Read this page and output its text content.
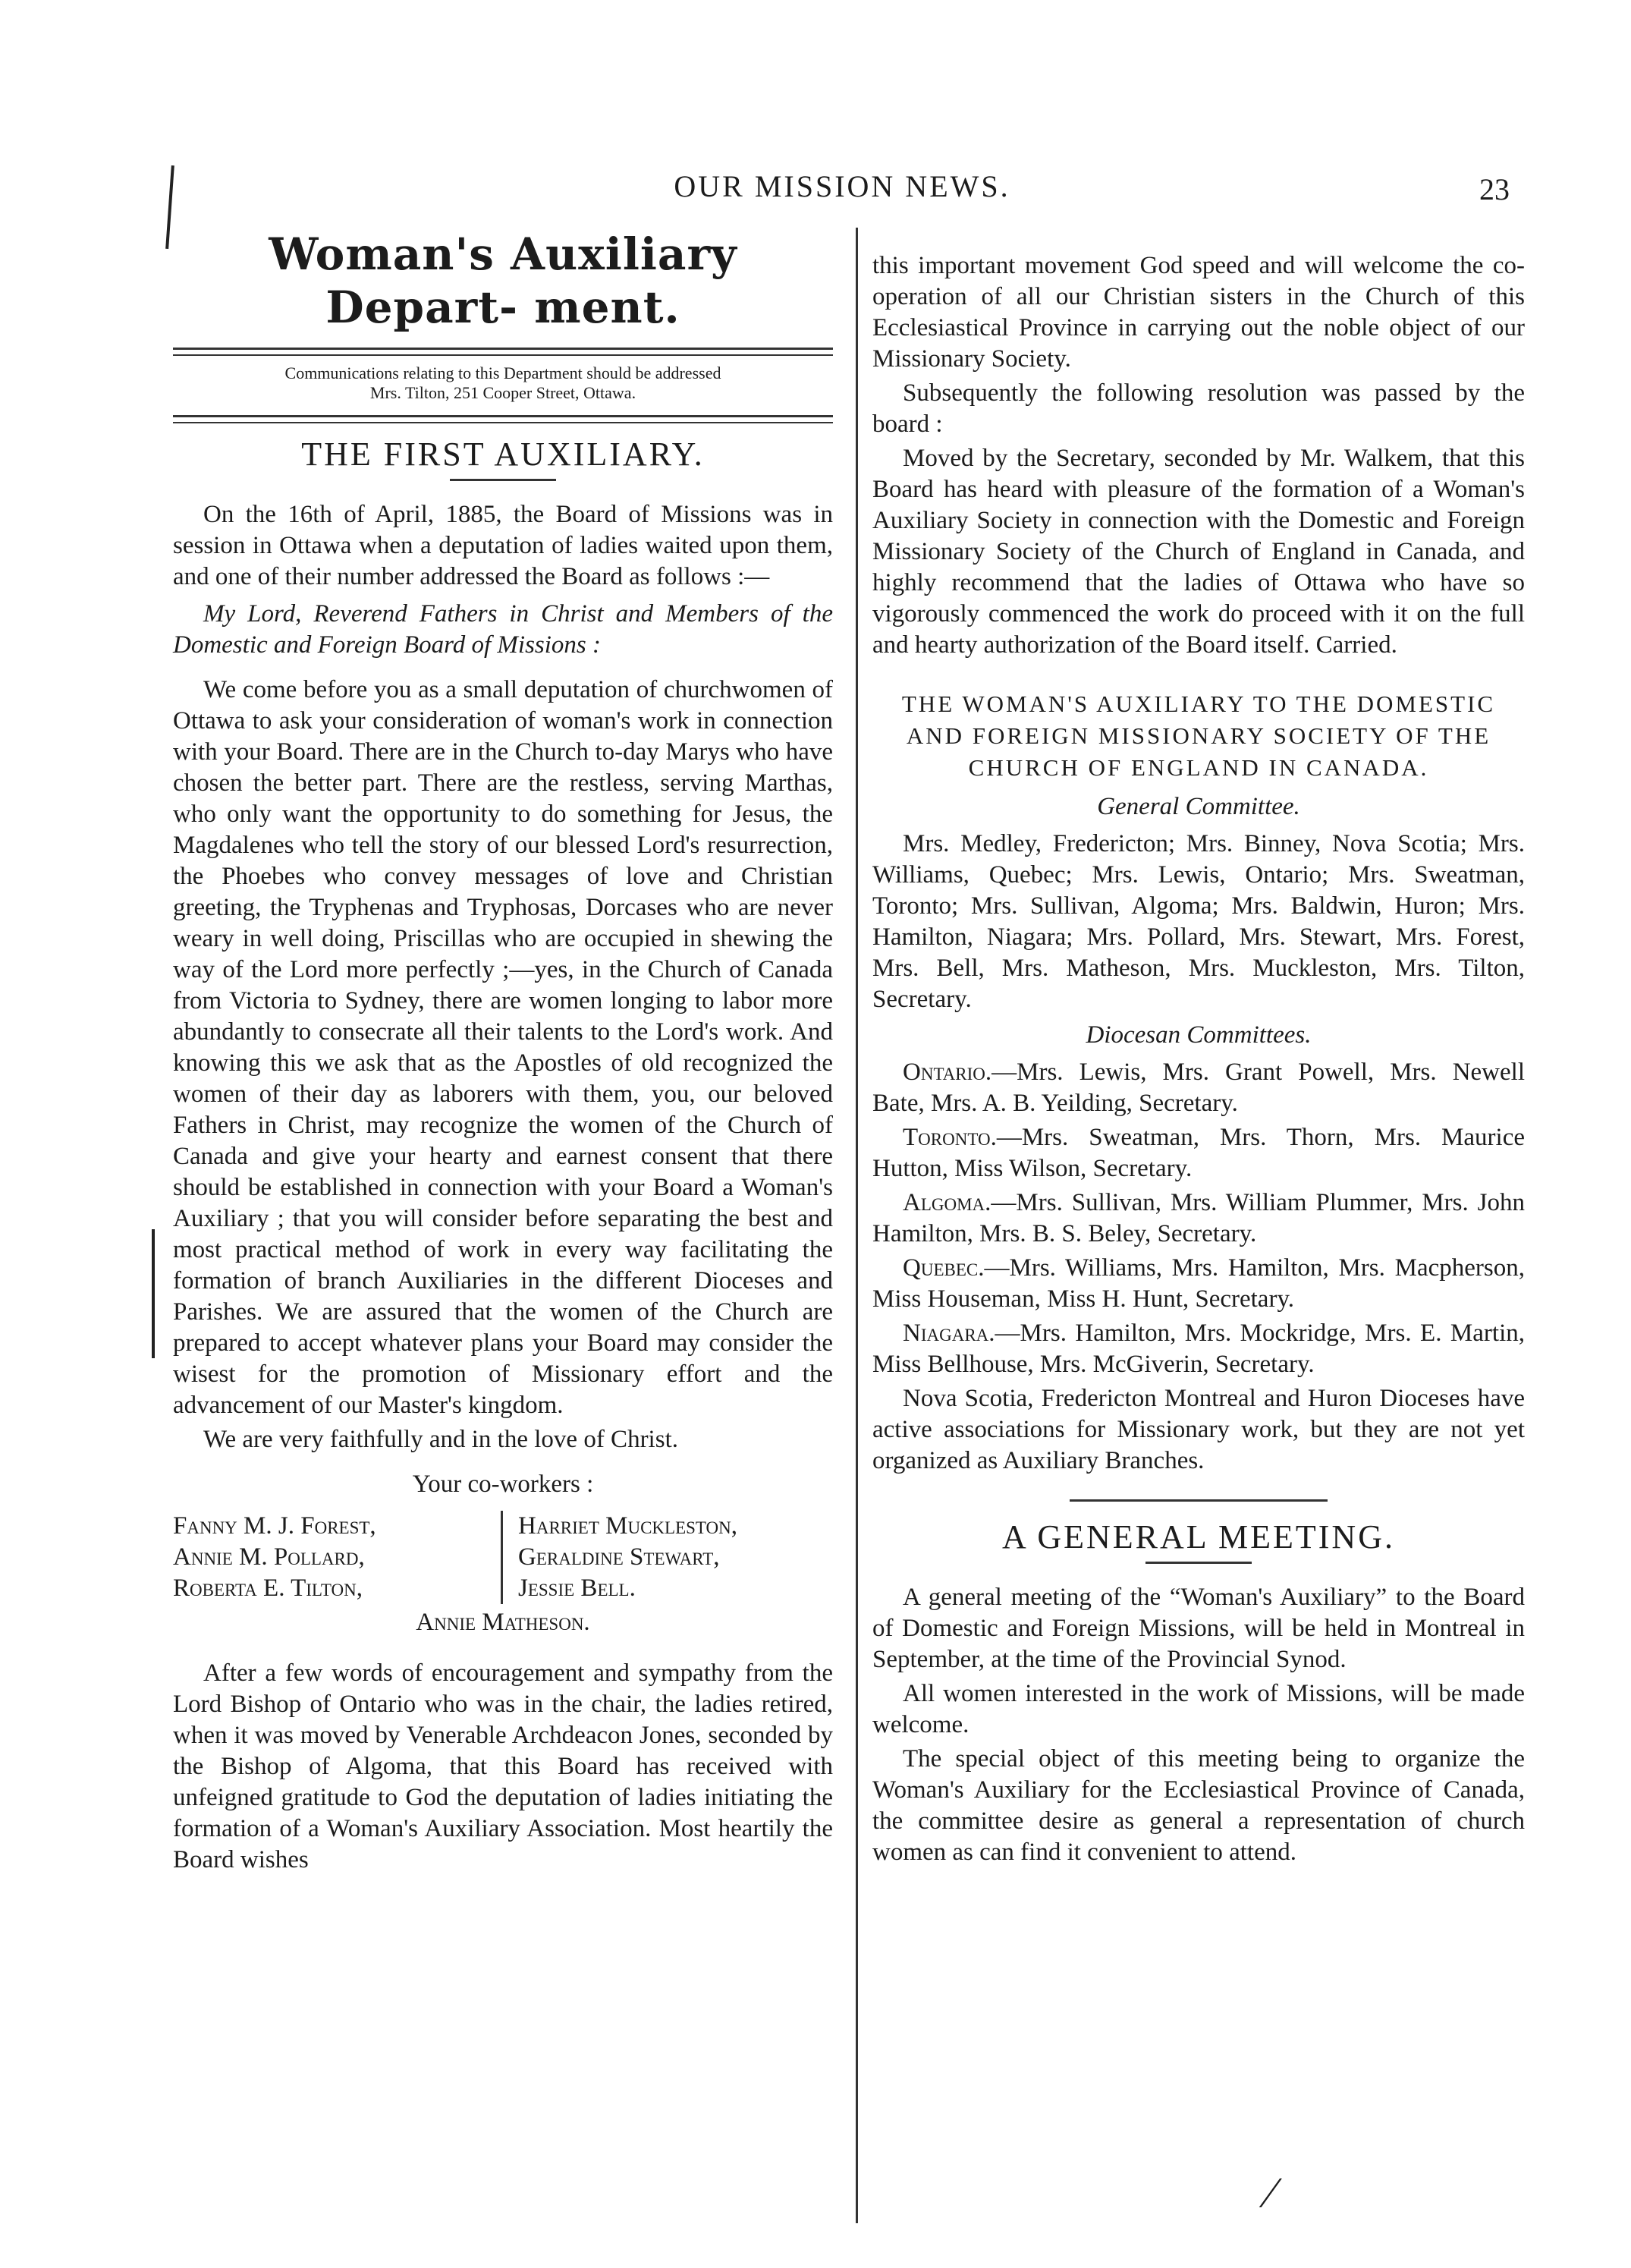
OUR MISSION NEWS.	23
Woman's Auxiliary Depart- ment.
Communications relating to this Department should be addressed
Mrs. Tilton, 251 Cooper Street, Ottawa.
THE FIRST AUXILIARY.

On the 16th of April, 1885, the Board of Missions was in session in Ottawa when a deputation of ladies waited upon them, and one of their number addressed the Board as follows :—

My Lord, Reverend Fathers in Christ and Members of the Domestic and Foreign Board of Missions :

We come before you as a small deputation of churchwomen of Ottawa to ask your consideration of woman's work in connection with your Board. There are in the Church to-day Marys who have chosen the better part. There are the restless, serving Marthas, who only want the opportunity to do something for Jesus, the Magdalenes who tell the story of our blessed Lord's resurrection, the Phoebes who convey messages of love and Christian greeting, the Tryphenas and Tryphosas, Dorcases who are never weary in well doing, Priscillas who are occupied in shewing the way of the Lord more perfectly ;—yes, in the Church of Canada from Victoria to Sydney, there are women longing to labor more abundantly to consecrate all their talents to the Lord's work. And knowing this we ask that as the Apostles of old recognized the women of their day as laborers with them, you, our beloved Fathers in Christ, may recognize the women of the Church of Canada and give your hearty and earnest consent that there should be established in connection with your Board a Woman's Auxiliary ; that you will consider before separating the best and most practical method of work in every way facilitating the formation of branch Auxiliaries in the different Dioceses and Parishes. We are assured that the women of the Church are prepared to accept whatever plans your Board may consider the wisest for the promotion of Missionary effort and the advancement of our Master's kingdom.

We are very faithfully and in the love of Christ.

Your co-workers :
Fanny M. J. Forest,
Annie M. Pollard,
Roberta E. Tilton,
Harriet Muckleston,
Geraldine Stewart,
Jessie Bell.
Annie Matheson.

After a few words of encouragement and sympathy from the Lord Bishop of Ontario who was in the chair, the ladies retired, when it was moved by Venerable Archdeacon Jones, seconded by the Bishop of Algoma, that this Board has received with unfeigned gratitude to God the deputation of ladies initiating the formation of a Woman's Auxiliary Association. Most heartily the Board wishes

this important movement God speed and will welcome the co-operation of all our Christian sisters in the Church of this Ecclesiastical Province in carrying out the noble object of our Missionary Society.

Subsequently the following resolution was passed by the board :

Moved by the Secretary, seconded by Mr. Walkem, that this Board has heard with pleasure of the formation of a Woman's Auxiliary Society in connection with the Domestic and Foreign Missionary Society of the Church of England in Canada, and highly recommend that the ladies of Ottawa who have so vigorously commenced the work do proceed with it on the full and hearty authorization of the Board itself. Carried.

THE WOMAN'S AUXILIARY TO THE DOMESTIC AND FOREIGN MISSIONARY SOCIETY OF THE CHURCH OF ENGLAND IN CANADA.
General Committee.

Mrs. Medley, Fredericton; Mrs. Binney, Nova Scotia; Mrs. Williams, Quebec; Mrs. Lewis, Ontario; Mrs. Sweatman, Toronto; Mrs. Sullivan, Algoma; Mrs. Baldwin, Huron; Mrs. Hamilton, Niagara; Mrs. Pollard, Mrs. Stewart, Mrs. Forest, Mrs. Bell, Mrs. Matheson, Mrs. Muckleston, Mrs. Tilton, Secretary.

Diocesan Committees.

Ontario.—Mrs. Lewis, Mrs. Grant Powell, Mrs. Newell Bate, Mrs. A. B. Yeilding, Secretary.

Toronto.—Mrs. Sweatman, Mrs. Thorn, Mrs. Maurice Hutton, Miss Wilson, Secretary.

Algoma.—Mrs. Sullivan, Mrs. William Plummer, Mrs. John Hamilton, Mrs. B. S. Beley, Secretary.

Quebec.—Mrs. Williams, Mrs. Hamilton, Mrs. Macpherson, Miss Houseman, Miss H. Hunt, Secretary.

Niagara.—Mrs. Hamilton, Mrs. Mockridge, Mrs. E. Martin, Miss Bellhouse, Mrs. McGiverin, Secretary.

Nova Scotia, Fredericton Montreal and Huron Dioceses have active associations for Missionary work, but they are not yet organized as Auxiliary Branches.

A GENERAL MEETING.

A general meeting of the “Woman's Auxiliary” to the Board of Domestic and Foreign Missions, will be held in Montreal in September, at the time of the Provincial Synod.

All women interested in the work of Missions, will be made welcome.

The special object of this meeting being to organize the Woman's Auxiliary for the Ecclesiastical Province of Canada, the committee desire as general a representation of church women as can find it convenient to attend.

∕
